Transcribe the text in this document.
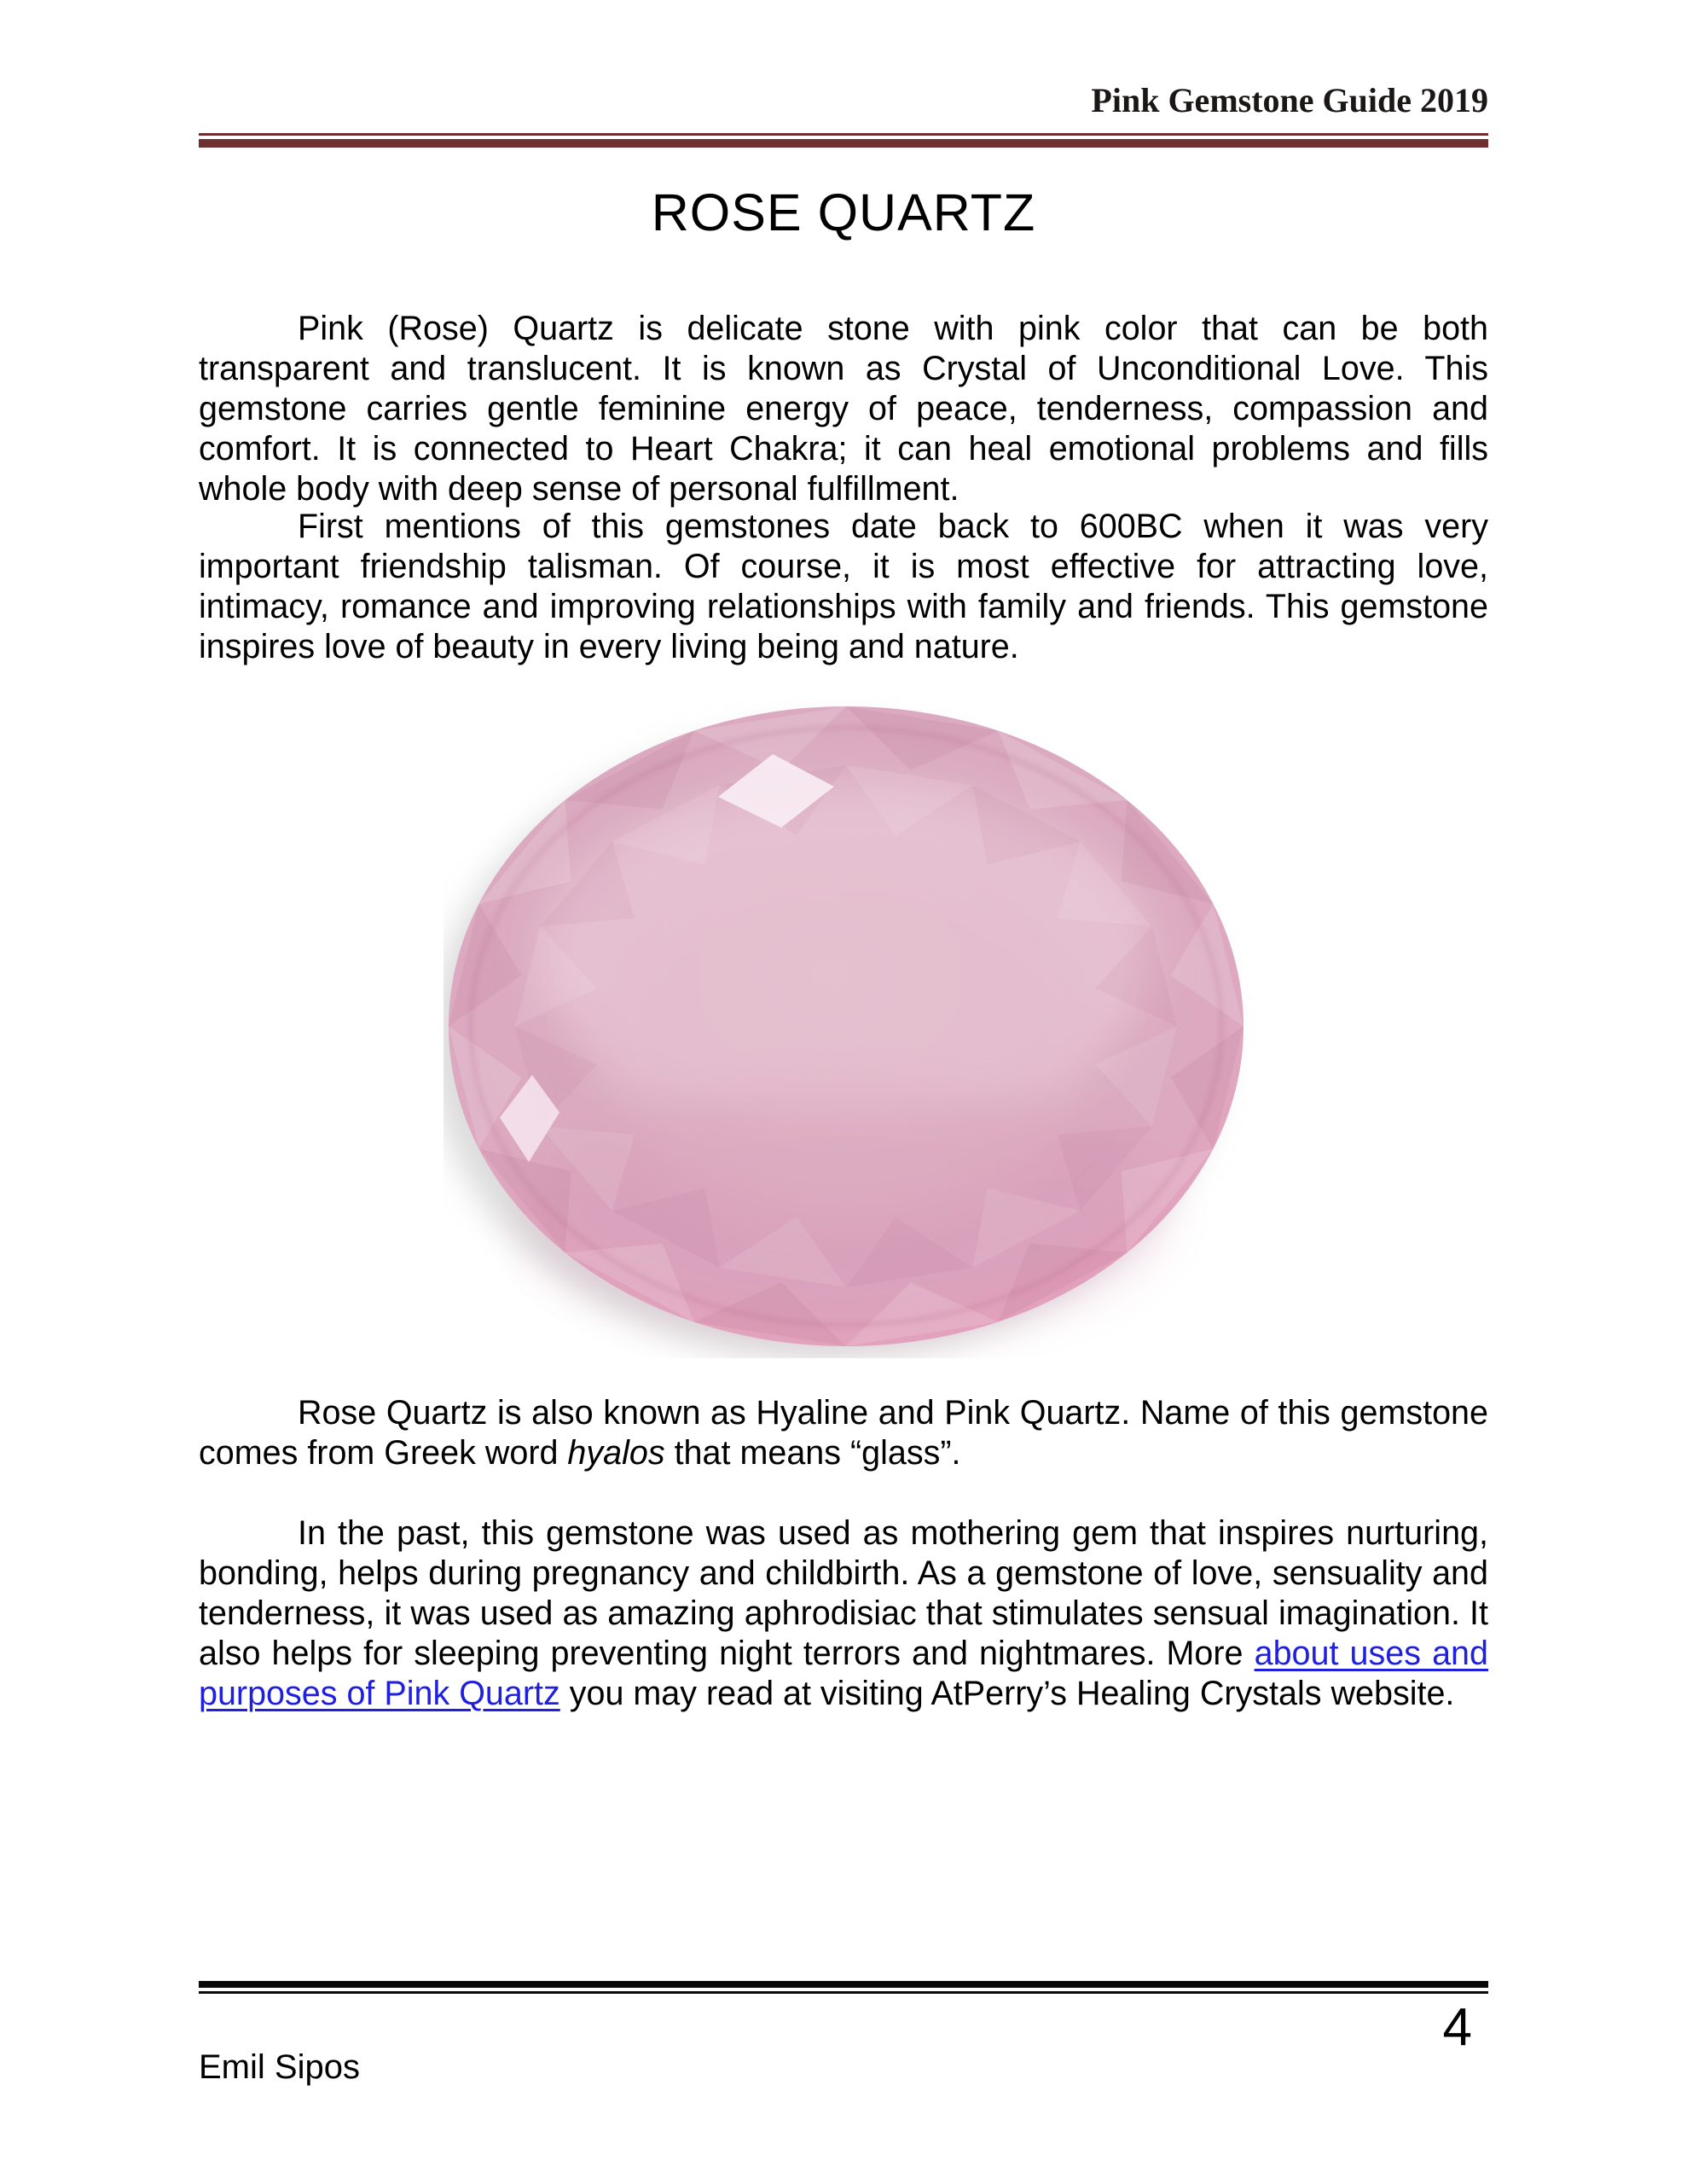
Pink Gemstone Guide 2019
ROSE QUARTZ

Pink (Rose) Quartz is delicate stone with pink color that can be both transparent and translucent. It is known as Crystal of Unconditional Love. This gemstone carries gentle feminine energy of peace, tenderness, compassion and comfort. It is connected to Heart Chakra; it can heal emotional problems and fills whole body with deep sense of personal fulfillment.

First mentions of this gemstones date back to 600BC when it was very important friendship talisman. Of course, it is most effective for attracting love, intimacy, romance and improving relationships with family and friends. This gemstone inspires love of beauty in every living being and nature.

Rose Quartz is also known as Hyaline and Pink Quartz. Name of this gemstone comes from Greek word hyalos that means “glass”.

In the past, this gemstone was used as mothering gem that inspires nurturing, bonding, helps during pregnancy and childbirth. As a gemstone of love, sensuality and tenderness, it was used as amazing aphrodisiac that stimulates sensual imagination. It also helps for sleeping preventing night terrors and nightmares. More about uses and purposes of Pink Quartz you may read at visiting AtPerry’s Healing Crystals website.

4
Emil Sipos
